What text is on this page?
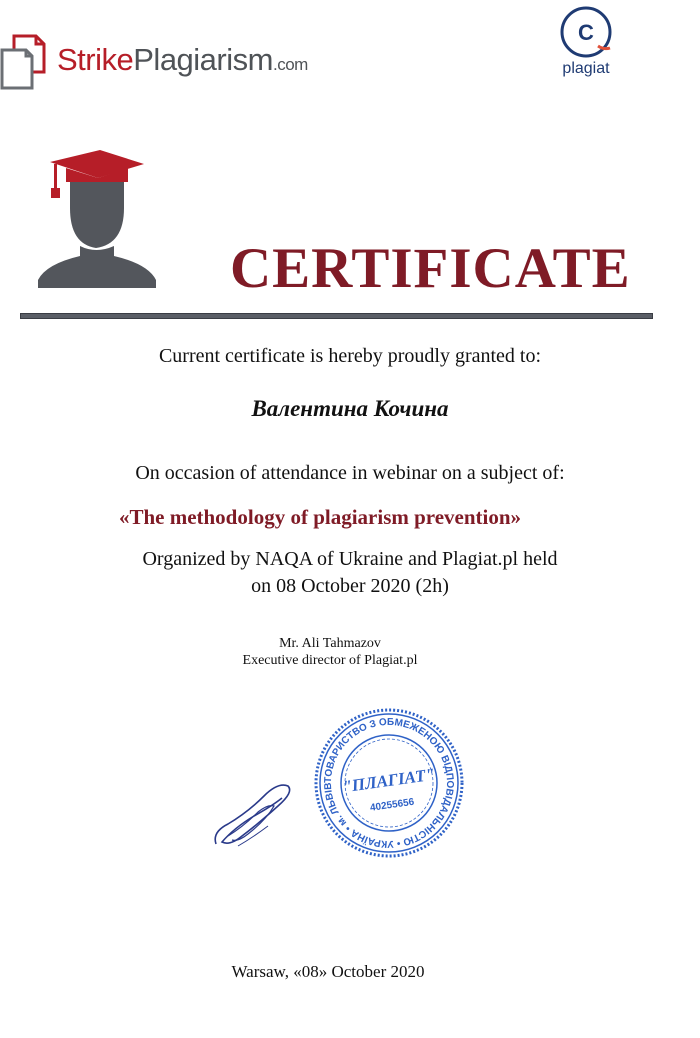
StrikePlagiarism.com
C
plagiat
CERTIFICATE
Current certificate is hereby proudly granted to:
Валентина Кочина
On occasion of attendance in webinar on a subject of:
«The methodology of plagiarism prevention»
Organized by NAQA of Ukraine and Plagiat.pl held
on 08 October 2020 (2h)
Mr. Ali Tahmazov
Executive director of Plagiat.pl
ТОВАРИСТВО З ОБМЕЖЕНОЮ ВІДПОВІДАЛЬНІСТЮ • УКРАЇНА • м. ЛЬВІВ "ПЛАГІАТ"
40255656
Warsaw, «08» October 2020
